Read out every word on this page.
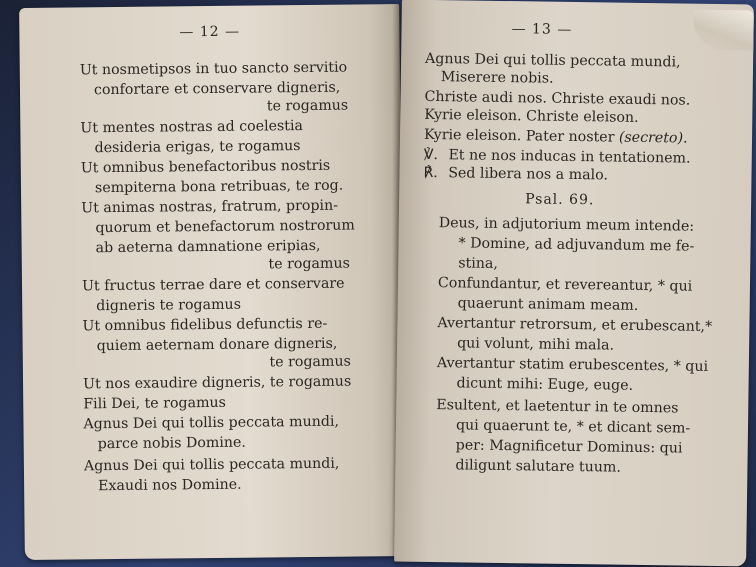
— 12 —
Ut nosmetipsos in tuo sancto servitio
confortare et conservare digneris,
te rogamus
Ut mentes nostras ad coelestia
desideria erigas, te rogamus
Ut omnibus benefactoribus nostris
sempiterna bona retribuas, te rog.
Ut animas nostras, fratrum, propin-
quorum et benefactorum nostrorum
ab aeterna damnatione eripias,
te rogamus
Ut fructus terrae dare et conservare
digneris te rogamus
Ut omnibus fidelibus defunctis re-
quiem aeternam donare digneris,
te rogamus
Ut nos exaudire digneris, te rogamus
Fili Dei, te rogamus
Agnus Dei qui tollis peccata mundi,
parce nobis Domine.
Agnus Dei qui tollis peccata mundi,
Exaudi nos Domine.
— 13 —
Agnus Dei qui tollis peccata mundi,
Miserere nobis.
Christe audi nos. Christe exaudi nos.
Kyrie eleison. Christe eleison.
Kyrie eleison. Pater noster (secreto).
℣. Et ne nos inducas in tentationem.
℟. Sed libera nos a malo.
Psal. 69.
Deus, in adjutorium meum intende:
* Domine, ad adjuvandum me fe-
stina,
Confundantur, et revereantur, * qui
quaerunt animam meam.
Avertantur retrorsum, et erubescant,*
qui volunt, mihi mala.
Avertantur statim erubescentes, * qui
dicunt mihi: Euge, euge.
Esultent, et laetentur in te omnes
qui quaerunt te, * et dicant sem-
per: Magnificetur Dominus: qui
diligunt salutare tuum.
